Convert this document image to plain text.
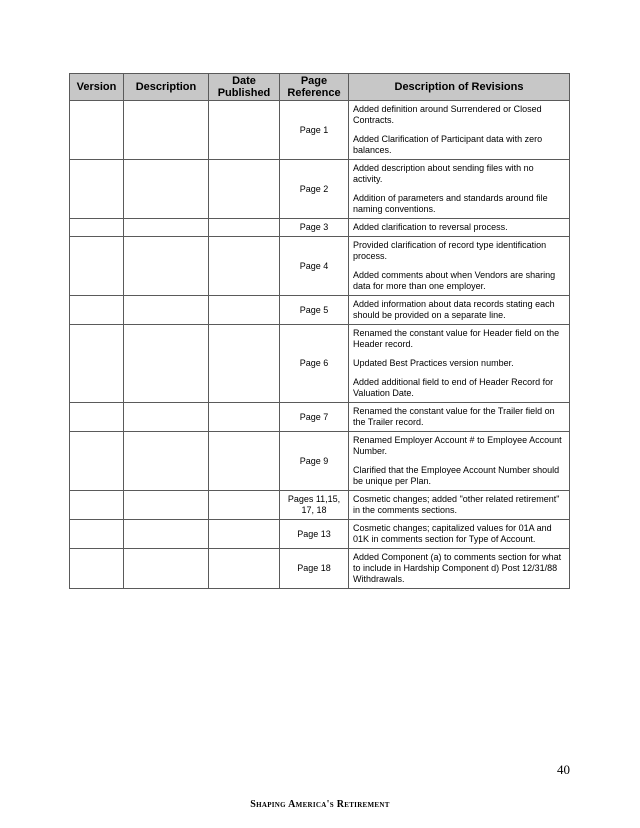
Version	Description	Date Published	Page Reference	Description of Revisions
			Page 1	Added definition around Surrendered or Closed Contracts.

Added Clarification of Participant data with zero balances.

			Page 2	Added description about sending files with no activity.

Addition of parameters and standards around file naming conventions.

			Page 3	Added clarification to reversal process.

			Page 4	Provided clarification of record type identification process.

Added comments about when Vendors are sharing data for more than one employer.

			Page 5	Added information about data records stating each should be provided on a separate line.

			Page 6	Renamed the constant value for Header field on the Header record.

Updated Best Practices version number.

Added additional field to end of Header Record for Valuation Date.

			Page 7	Renamed the constant value for the Trailer field on the Trailer record.

			Page 9	Renamed Employer Account # to Employee Account Number.

Clarified that the Employee Account Number should be unique per Plan.

			Pages 11,15, 17, 18	Cosmetic changes; added "other related retirement" in the comments sections.

			Page 13	Cosmetic changes; capitalized values for 01A and 01K in comments section for Type of Account.

			Page 18	Added Component (a) to comments section for what to include in Hardship Component d) Post 12/31/88 Withdrawals.

40
Shaping America's Retirement
